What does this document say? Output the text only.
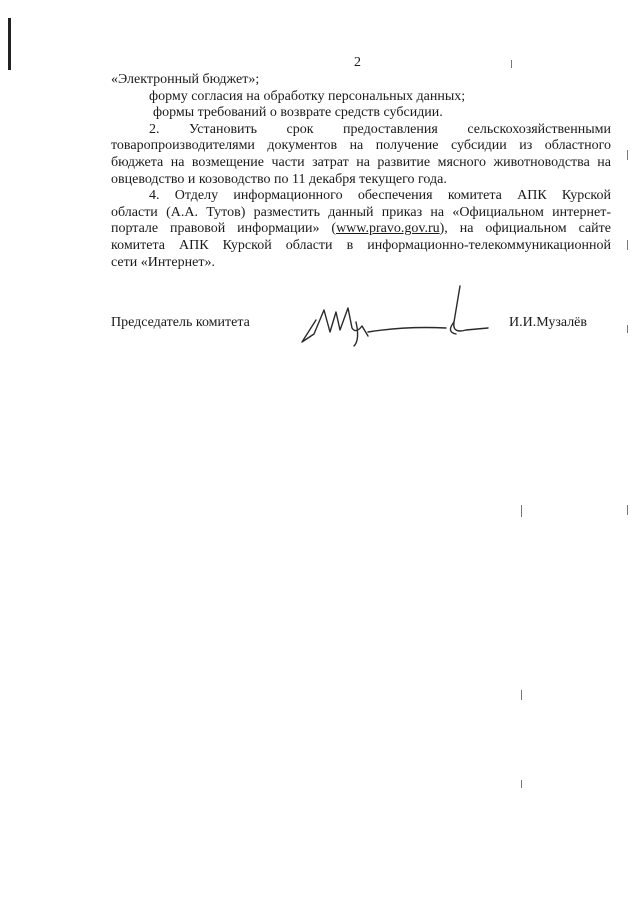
2
«Электронный бюджет»;
форму согласия на обработку персональных данных;
формы требований о возврате средств субсидии.
2. Установить срок предоставления сельскохозяйственными
товаропроизводителями документов на получение субсидии из областного
бюджета на возмещение части затрат на развитие мясного животноводства на
овцеводство и козоводство по 11 декабря текущего года.
4. Отделу информационного обеспечения комитета АПК Курской
области (А.А. Тутов) разместить данный приказ на «Официальном интернет-
портале правовой информации» (www.pravo.gov.ru), на официальном сайте
комитета АПК Курской области в информационно-телекоммуникационной
сети «Интернет».
Председатель комитета	И.И.Музалёв
